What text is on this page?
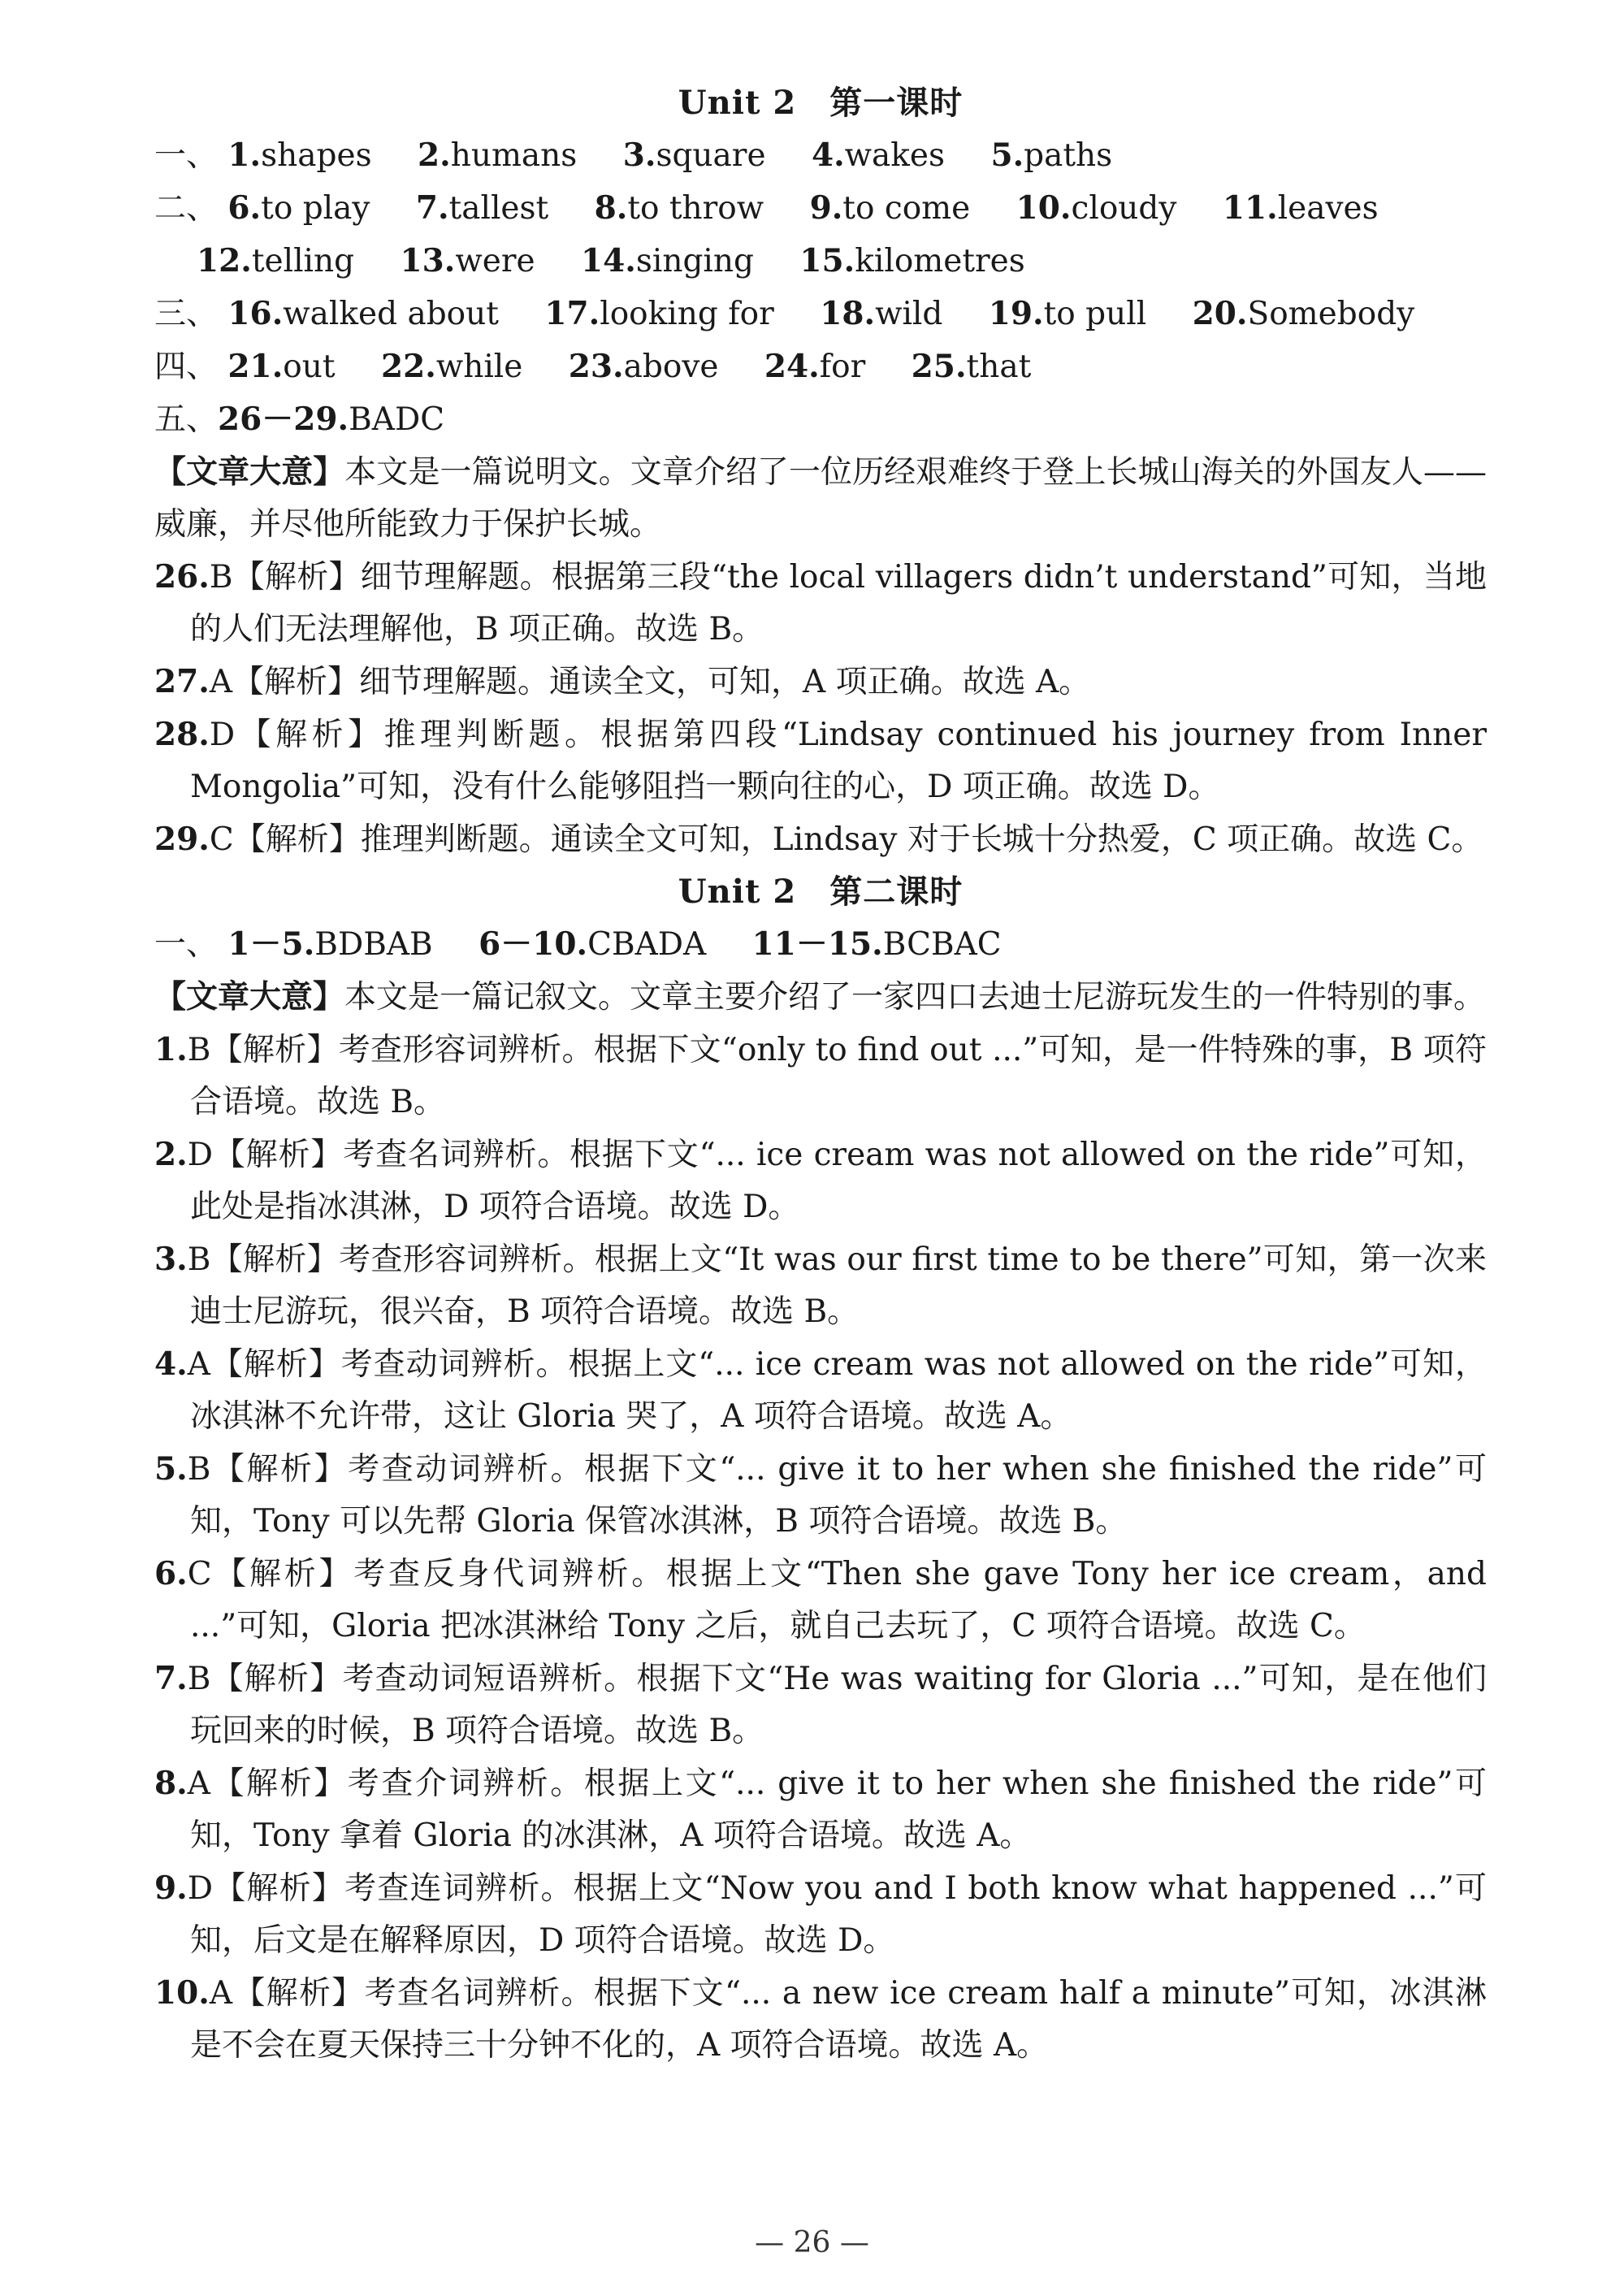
Unit 2　第一课时

一、 1.shapes 2.humans 3.square 4.wakes 5.paths

二、 6.to play 7.tallest 8.to throw 9.to come 10.cloudy 11.leaves

12.telling 13.were 14.singing 15.kilometres

三、 16.walked about 17.looking for 18.wild 19.to pull 20.Somebody

四、 21.out 22.while 23.above 24.for 25.that

五、26－29.BADC

【文章大意】本文是一篇说明文。文章介绍了一位历经艰难终于登上长城山海关的外国友人——威廉，并尽他所能致力于保护长城。

26.B【解析】细节理解题。根据第三段“the local villagers didn’t understand”可知，当地的人们无法理解他，B 项正确。故选 B。

27.A【解析】细节理解题。通读全文，可知，A 项正确。故选 A。

28.D【解析】推理判断题。根据第四段“Lindsay continued his journey from Inner Mongolia”可知，没有什么能够阻挡一颗向往的心，D 项正确。故选 D。

29.C【解析】推理判断题。通读全文可知，Lindsay 对于长城十分热爱，C 项正确。故选 C。

Unit 2　第二课时

一、 1－5.BDBAB 6－10.CBADA 11－15.BCBAC

【文章大意】本文是一篇记叙文。文章主要介绍了一家四口去迪士尼游玩发生的一件特别的事。

1.B【解析】考查形容词辨析。根据下文“only to find out ...”可知，是一件特殊的事，B 项符合语境。故选 B。

2.D【解析】考查名词辨析。根据下文“... ice cream was not allowed on the ride”可知，此处是指冰淇淋，D 项符合语境。故选 D。

3.B【解析】考查形容词辨析。根据上文“It was our first time to be there”可知，第一次来迪士尼游玩，很兴奋，B 项符合语境。故选 B。

4.A【解析】考查动词辨析。根据上文“... ice cream was not allowed on the ride”可知，冰淇淋不允许带，这让 Gloria 哭了，A 项符合语境。故选 A。

5.B【解析】考查动词辨析。根据下文“... give it to her when she finished the ride”可知，Tony 可以先帮 Gloria 保管冰淇淋，B 项符合语境。故选 B。

6.C【解析】考查反身代词辨析。根据上文“Then she gave Tony her ice cream，and ...”可知，Gloria 把冰淇淋给 Tony 之后，就自己去玩了，C 项符合语境。故选 C。

7.B【解析】考查动词短语辨析。根据下文“He was waiting for Gloria ...”可知，是在他们玩回来的时候，B 项符合语境。故选 B。

8.A【解析】考查介词辨析。根据上文“... give it to her when she finished the ride”可知，Tony 拿着 Gloria 的冰淇淋，A 项符合语境。故选 A。

9.D【解析】考查连词辨析。根据上文“Now you and I both know what happened ...”可知，后文是在解释原因，D 项符合语境。故选 D。

10.A【解析】考查名词辨析。根据下文“... a new ice cream half a minute”可知，冰淇淋是不会在夏天保持三十分钟不化的，A 项符合语境。故选 A。

— 26 —
